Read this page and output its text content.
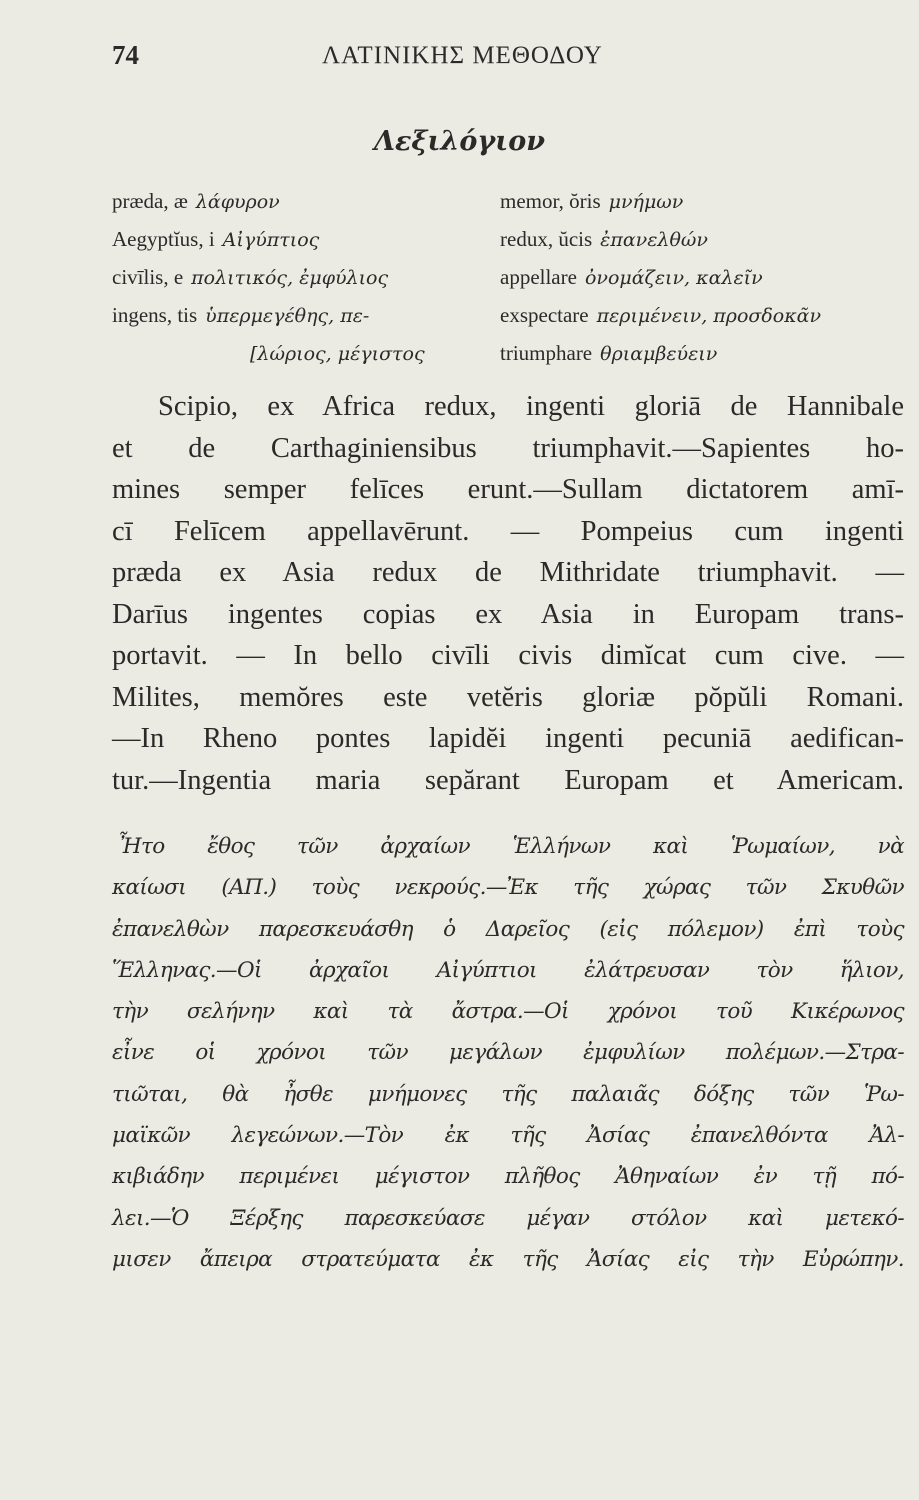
74	ΛΑΤΙΝΙΚΗΣ ΜΕΘΟΔΟΥ
Λεξιλόγιον
præda, æ λάφυρον
Aegyptĭus, i Αἰγύπτιος
civīlis, e πολιτικός, ἐμφύλιος
ingens, tis ὑπερμεγέθης, πε-
[λώριος, μέγιστος
memor, ŏris μνήμων
redux, ŭcis ἐπανελθών
appellare ὀνομάζειν, καλεῖν
exspectare περιμένειν, προσδοκᾶν
triumphare θριαμβεύειν
Scipio, ex Africa redux, ingenti gloriā de Hannibale
et de Carthaginiensibus triumphavit.—Sapientes ho-
mines semper felīces erunt.—Sullam dictatorem amī-
cī Felīcem appellavērunt. — Pompeius cum ingenti
præda ex Asia redux de Mithridate triumphavit. —
Darīus ingentes copias ex Asia in Europam trans-
portavit. — In bello civīli civis dimĭcat cum cive. —
Milites, memŏres este vetĕris gloriæ pŏpŭli Romani.
—In Rheno pontes lapidĕi ingenti pecuniā aedifican-
tur.—Ingentia maria sepărant Europam et Americam.
Ἦτο ἔθος τῶν ἀρχαίων Ἑλλήνων καὶ Ῥωμαίων, νὰ
καίωσι (ΑΠ.) τοὺς νεκρούς.—Ἐκ τῆς χώρας τῶν Σκυθῶν
ἐπανελθὼν παρεσκευάσθη ὁ Δαρεῖος (εἰς πόλεμον) ἐπὶ τοὺς
Ἕλληνας.—Οἱ ἀρχαῖοι Αἰγύπτιοι ἐλάτρευσαν τὸν ἥλιον,
τὴν σελήνην καὶ τὰ ἄστρα.—Οἱ χρόνοι τοῦ Κικέρωνος
εἶνε οἱ χρόνοι τῶν μεγάλων ἐμφυλίων πολέμων.—Στρα-
τιῶται, θὰ ἦσθε μνήμονες τῆς παλαιᾶς δόξης τῶν Ῥω-
μαϊκῶν λεγεώνων.—Τὸν ἐκ τῆς Ἀσίας ἐπανελθόντα Ἀλ-
κιβιάδην περιμένει μέγιστον πλῆθος Ἀθηναίων ἐν τῇ πό-
λει.—Ὁ Ξέρξης παρεσκεύασε μέγαν στόλον καὶ μετεκό-
μισεν ἄπειρα στρατεύματα ἐκ τῆς Ἀσίας εἰς τὴν Εὐρώπην.
